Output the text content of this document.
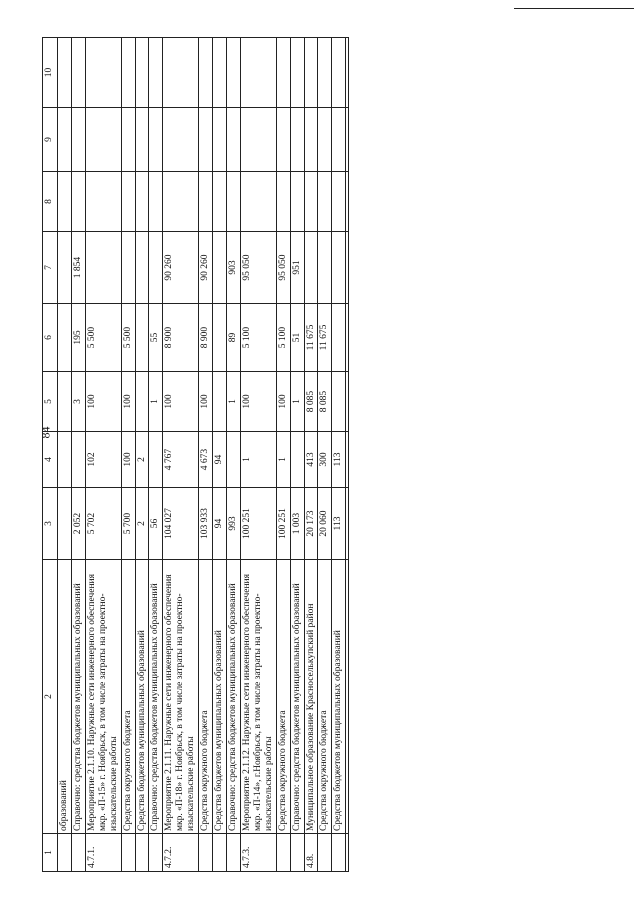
84
1	2	3	4	5	6	7	8	9	10
	образований								
	Справочно: средства бюджетов муниципальных образований	2 052		3	195	1 854			
4.7.1.	Мероприятие 2.1.10. Наружные сети инженерного обеспечения мкр. «П-15» г. Ноябрьск, в том числе затраты на проектно-изыскательские работы	5 702	102	100	5 500				
	Средства окружного бюджета	5 700	100	100	5 500				
	Средства бюджетов муниципальных образований	2	2						
	Справочно: средства бюджетов муниципальных образований	56		1	55				
4.7.2.	Мероприятие 2.1.11. Наружные сети инженерного обеспечения мкр. «П-18» г. Ноябрьск, в том числе затраты на проектно-изыскательские работы	104 027	4 767	100	8 900	90 260			
	Средства окружного бюджета	103 933	4 673	100	8 900	90 260			
	Средства бюджетов муниципальных образований	94	94						
	Справочно: средства бюджетов муниципальных образований	993		1	89	903			
4.7.3.	Мероприятие 2.1.12. Наружные сети инженерного обеспечения мкр. «П-14», г.Ноябрьск, в том числе затраты на проектно-изыскательские работы	100 251	1	100	5 100	95 050			
	Средства окружного бюджета	100 251	1	100	5 100	95 050			
	Справочно: средства бюджетов муниципальных образований	1 003		1	51	951			
4.8.	Муниципальное образование Красноселькупский район	20 173	413	8 085	11 675				
	Средства окружного бюджета	20 060	300	8 085	11 675				
	Средства бюджетов муниципальных образований	113	113						
